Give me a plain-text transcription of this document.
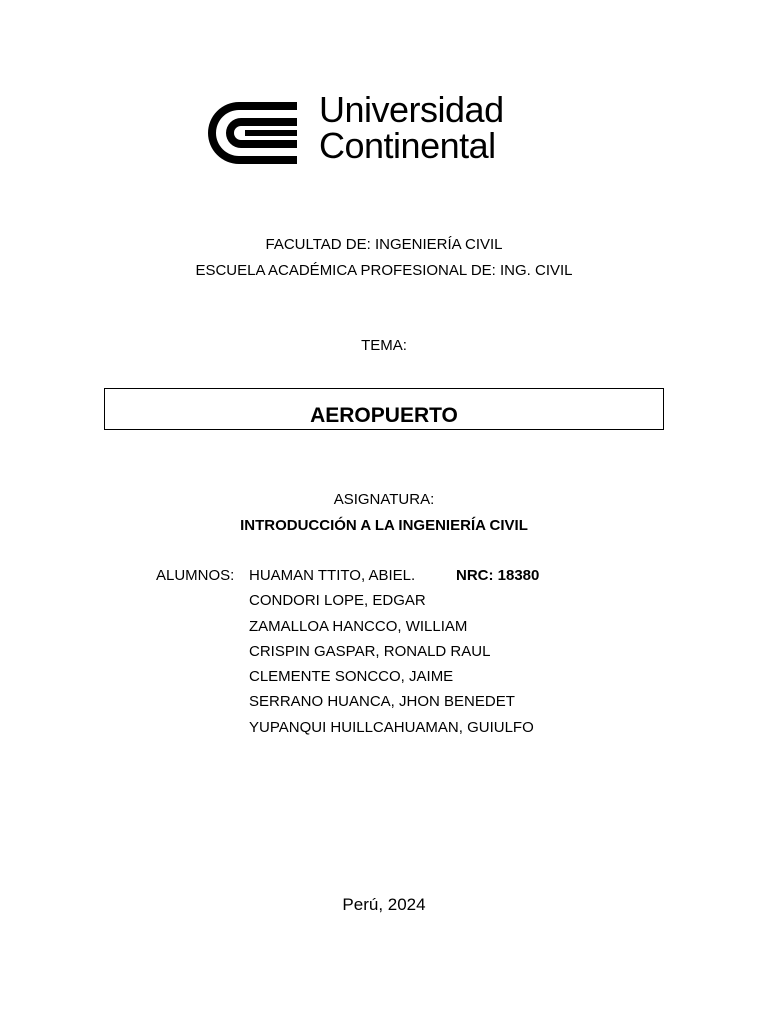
Universidad
Continental
FACULTAD DE: INGENIERÍA CIVIL
ESCUELA ACADÉMICA PROFESIONAL DE: ING. CIVIL
TEMA:
AEROPUERTO
ASIGNATURA:
INTRODUCCIÓN A LA INGENIERÍA CIVIL
ALUMNOS: HUAMAN TTITO, ABIEL.
CONDORI LOPE, EDGAR
ZAMALLOA HANCCO, WILLIAM
CRISPIN GASPAR, RONALD RAUL
CLEMENTE SONCCO, JAIME
SERRANO HUANCA, JHON BENEDET
YUPANQUI HUILLCAHUAMAN, GUIULFO
NRC: 18380
Perú, 2024
